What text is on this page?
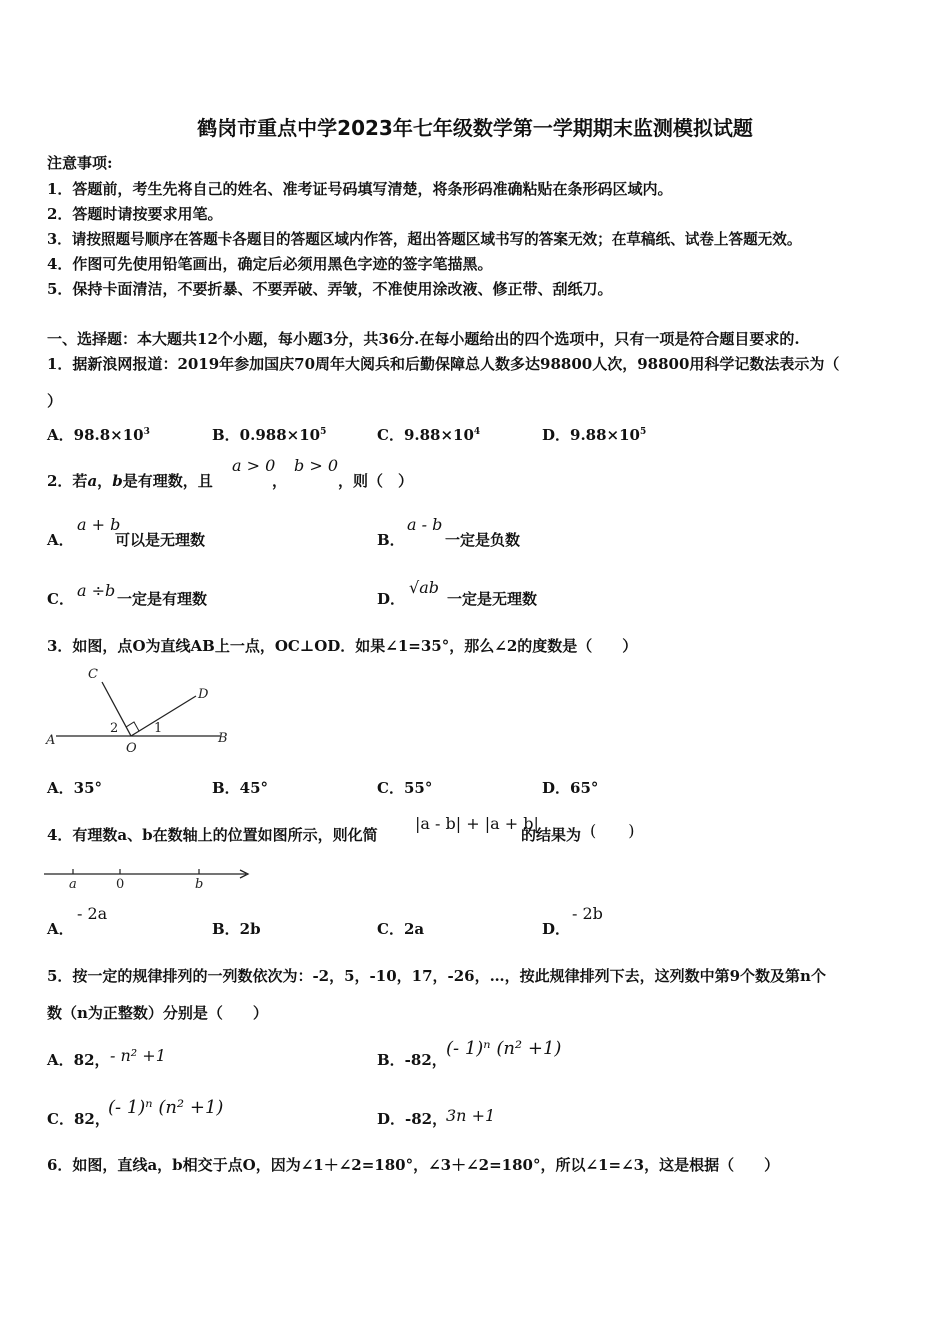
鹤岗市重点中学2023年七年级数学第一学期期末监测模拟试题
注意事项:
1．答题前，考生先将自己的姓名、准考证号码填写清楚，将条形码准确粘贴在条形码区域内。
2．答题时请按要求用笔。
3．请按照题号顺序在答题卡各题目的答题区域内作答，超出答题区域书写的答案无效；在草稿纸、试卷上答题无效。
4．作图可先使用铅笔画出，确定后必须用黑色字迹的签字笔描黑。
5．保持卡面清洁，不要折暴、不要弄破、弄皱，不准使用涂改液、修正带、刮纸刀。
一、选择题：本大题共12个小题，每小题3分，共36分.在每小题给出的四个选项中，只有一项是符合题目要求的.
1．据新浪网报道：2019年参加国庆70周年大阅兵和后勤保障总人数多达98800人次，98800用科学记数法表示为（
）
A．$98.8\times 10^3$	B．$0.988\times 10^5$	C．$9.88\times 10^4$	D．$9.88\times 10^5$
2．若a，b是有理数，且
a > 0
，
b > 0
，则（　）
A．
a + b
可以是无理数	B．
a - b
一定是负数
C． a ÷b 一定是有理数	D．
√ab
一定是无理数
3．如图，点O为直线AB上一点，OC⊥OD．如果∠1=35°，那么∠2的度数是（　　）
A	B
C
D
O
1
2
A．35°	B．45°	C．55°	D．65°
4．有理数a、b在数轴上的位置如图所示，则化简
|a - b| + |a + b|
的结果为 (　　)
a	0	b
A．
- 2a
B．2b	C．2a	D．
- 2b
5．按一定的规律排列的一列数依次为：-2，5，-10，17，-26，…，按此规律排列下去，这列数中第9个数及第n个
数（n为正整数）分别是（　　）
A．82， - n² +1	B．-82，
(- 1)ⁿ (n² +1)
C．82，
(- 1)ⁿ (n² +1)
D．-82，
3n +1
6．如图，直线a，b相交于点O，因为∠1＋∠2=180°，∠3＋∠2=180°，所以∠1=∠3，这是根据（　　）
